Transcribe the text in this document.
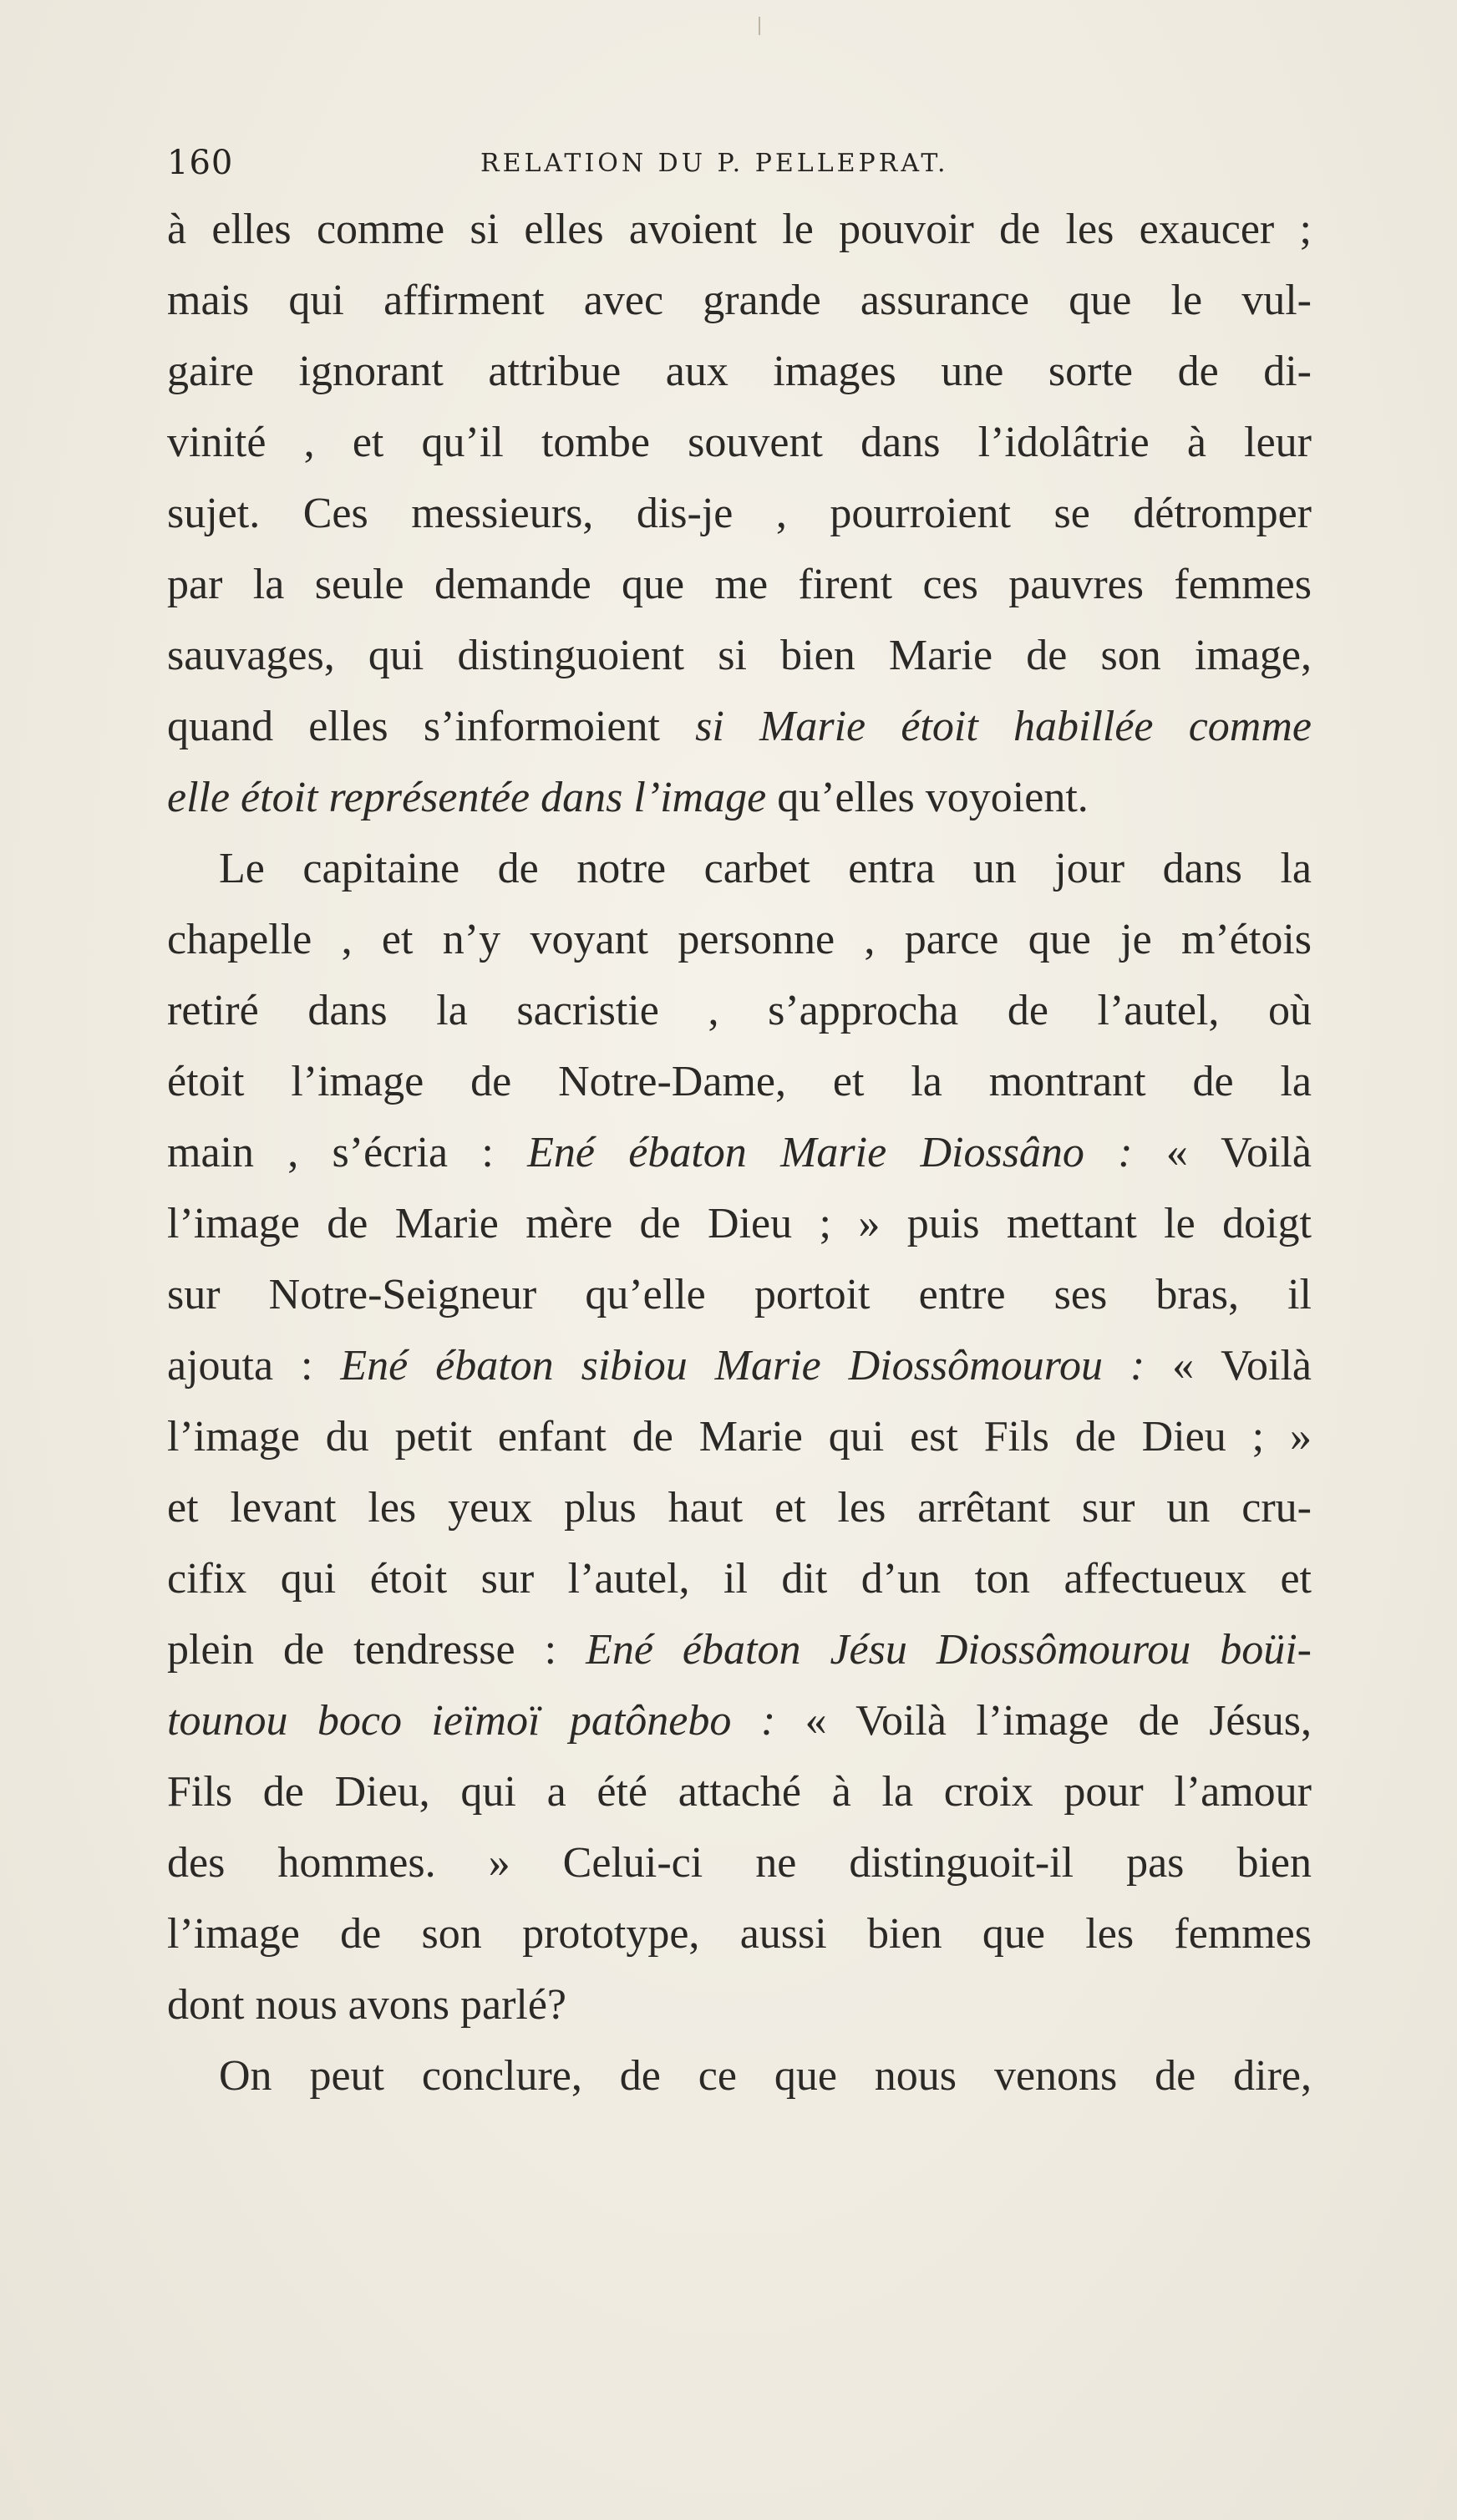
160	RELATION DU P. PELLEPRAT.
à elles comme si elles avoient le pouvoir de les exaucer ;
mais qui affirment avec grande assurance que le vul-
gaire ignorant attribue aux images une sorte de di-
vinité , et qu’il tombe souvent dans l’idolâtrie à leur
sujet. Ces messieurs, dis-je , pourroient se détromper
par la seule demande que me firent ces pauvres femmes
sauvages, qui distinguoient si bien Marie de son image,
quand elles s’informoient si Marie étoit habillée comme
elle étoit représentée dans l’image qu’elles voyoient.
Le capitaine de notre carbet entra un jour dans la
chapelle , et n’y voyant personne , parce que je m’étois
retiré dans la sacristie , s’approcha de l’autel, où
étoit l’image de Notre-Dame, et la montrant de la
main , s’écria : Ené ébaton Marie Diossâno : « Voilà
l’image de Marie mère de Dieu ; » puis mettant le doigt
sur Notre-Seigneur qu’elle portoit entre ses bras, il
ajouta : Ené ébaton sibiou Marie Diossômourou : « Voilà
l’image du petit enfant de Marie qui est Fils de Dieu ; »
et levant les yeux plus haut et les arrêtant sur un cru-
cifix qui étoit sur l’autel, il dit d’un ton affectueux et
plein de tendresse : Ené ébaton Jésu Diossômourou boüi-
tounou boco ieïmoï patônebo : « Voilà l’image de Jésus,
Fils de Dieu, qui a été attaché à la croix pour l’amour
des hommes. » Celui-ci ne distinguoit-il pas bien
l’image de son prototype, aussi bien que les femmes
dont nous avons parlé?
On peut conclure, de ce que nous venons de dire,
